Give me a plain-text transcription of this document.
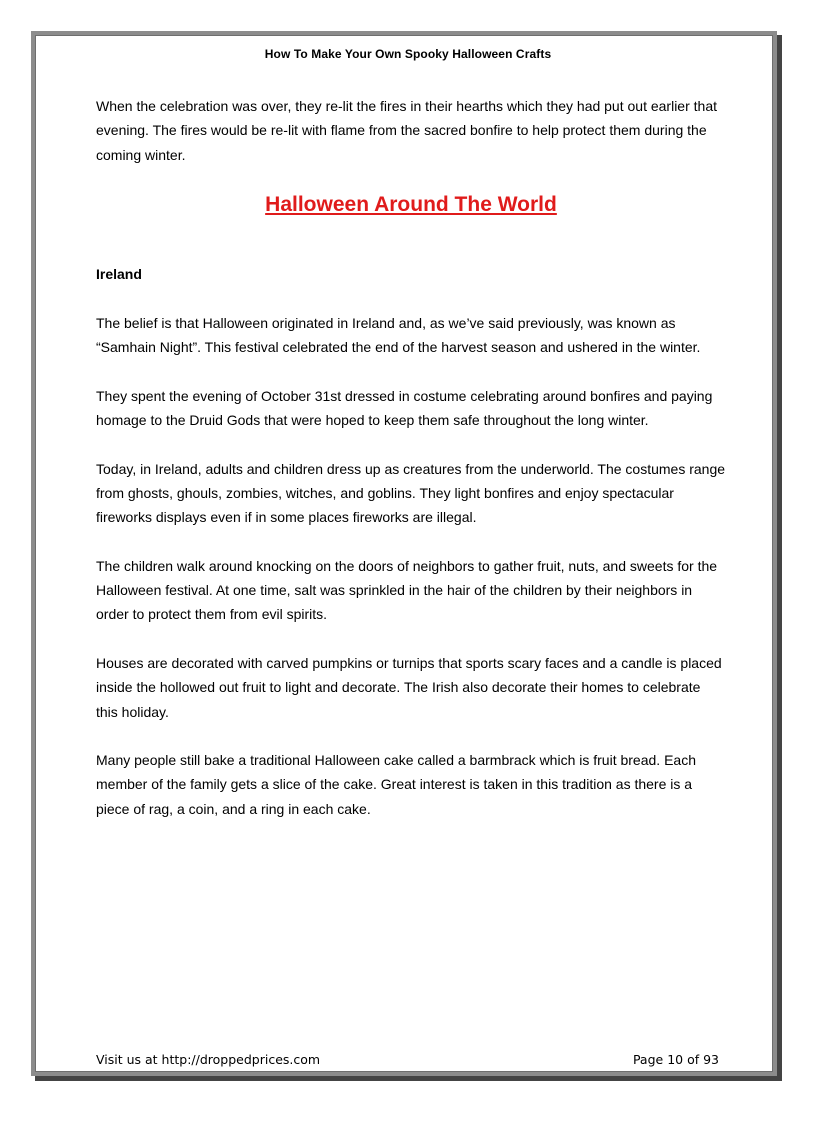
How To Make Your Own Spooky Halloween Crafts

When the celebration was over, they re-lit the fires in their hearths which they had put out earlier that evening. The fires would be re-lit with flame from the sacred bonfire to help protect them during the coming winter.

Halloween Around The World
Ireland

The belief is that Halloween originated in Ireland and, as we’ve said previously, was known as “Samhain Night”. This festival celebrated the end of the harvest season and ushered in the winter.

They spent the evening of October 31st dressed in costume celebrating around bonfires and paying homage to the Druid Gods that were hoped to keep them safe throughout the long winter.

Today, in Ireland, adults and children dress up as creatures from the underworld. The costumes range from ghosts, ghouls, zombies, witches, and goblins. They light bonfires and enjoy spectacular fireworks displays even if in some places fireworks are illegal.

The children walk around knocking on the doors of neighbors to gather fruit, nuts, and sweets for the Halloween festival. At one time, salt was sprinkled in the hair of the children by their neighbors in order to protect them from evil spirits.

Houses are decorated with carved pumpkins or turnips that sports scary faces and a candle is placed inside the hollowed out fruit to light and decorate. The Irish also decorate their homes to celebrate this holiday.

Many people still bake a traditional Halloween cake called a barmbrack which is fruit bread. Each member of the family gets a slice of the cake. Great interest is taken in this tradition as there is a piece of rag, a coin, and a ring in each cake.

Visit us at http://droppedprices.com	Page 10 of 93
